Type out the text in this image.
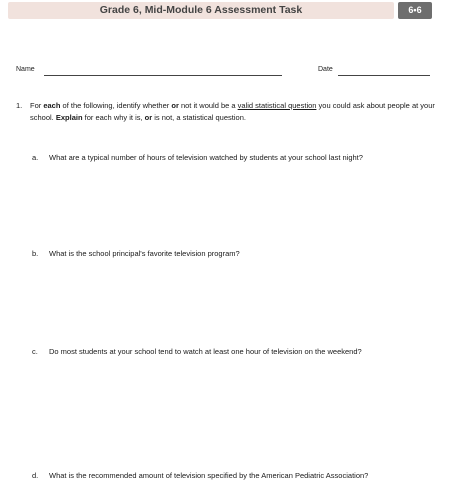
Grade 6, Mid-Module 6 Assessment Task	6•6
Name	Date
1. For each of the following, identify whether or not it would be a valid statistical question you could ask about people at your school. Explain for each why it is, or is not, a statistical question.
a. What are a typical number of hours of television watched by students at your school last night?
b. What is the school principal's favorite television program?
c. Do most students at your school tend to watch at least one hour of television on the weekend?
d. What is the recommended amount of television specified by the American Pediatric Association?
